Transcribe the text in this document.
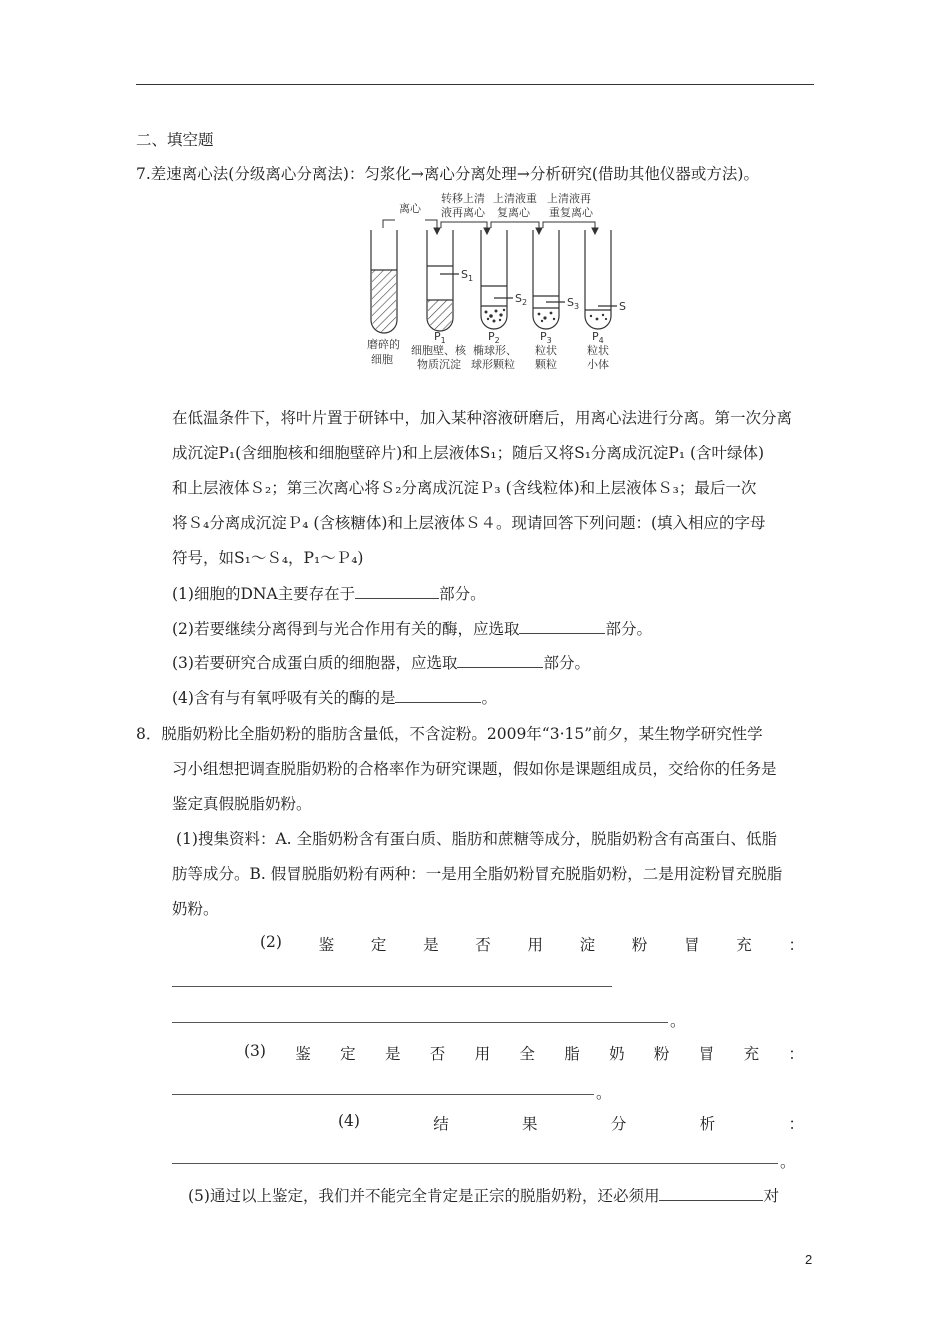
二、填空题
7.差速离心法(分级离心分离法)：匀浆化→离心分离处理→分析研究(借助其他仪器或方法)。
离心
转移上清
液再离心
上清液重
复离心
上清液再
重复离心
$S_1$
$S_2$	$S_3$	S
$P_1$	$P_2$	$P_3$	$P_4$
磨碎的
细胞
细胞壁、核
物质沉淀
椭球形、
球形颗粒
粒状
颗粒
粒状
小体
在低温条件下，将叶片置于研钵中，加入某种溶液研磨后，用离心法进行分离。第一次分离
成沉淀P₁(含细胞核和细胞壁碎片)和上层液体S₁；随后又将S₁分离成沉淀P₁ (含叶绿体)
和上层液体Ｓ₂；第三次离心将Ｓ₂分离成沉淀Ｐ₃ (含线粒体)和上层液体Ｓ₃；最后一次
将Ｓ₄分离成沉淀Ｐ₄ (含核糖体)和上层液体Ｓ４。现请回答下列问题：(填入相应的字母
符号，如S₁～Ｓ₄，P₁～Ｐ₄)
(1)细胞的DNA主要存在于	部分。
(2)若要继续分离得到与光合作用有关的酶，应选取	部分。
(3)若要研究合成蛋白质的细胞器，应选取	部分。
(4)含有与有氧呼吸有关的酶的是	。
8．脱脂奶粉比全脂奶粉的脂肪含量低，不含淀粉。2009年“3·15”前夕，某生物学研究性学
习小组想把调查脱脂奶粉的合格率作为研究课题，假如你是课题组成员，交给你的任务是
鉴定真假脱脂奶粉。
(1)搜集资料：A. 全脂奶粉含有蛋白质、脂肪和蔗糖等成分，脱脂奶粉含有高蛋白、低脂
肪等成分。B. 假冒脱脂奶粉有两种：一是用全脂奶粉冒充脱脂奶粉，二是用淀粉冒充脱脂
奶粉。
(2) 鉴 定 是 否 用 淀 粉 冒 充 ：
。
(3) 鉴 定 是 否 用 全 脂 奶 粉 冒 充 ：
。
(4)	结	果	分	析	：
。
(5)通过以上鉴定，我们并不能完全肯定是正宗的脱脂奶粉，还必须用	对
2
